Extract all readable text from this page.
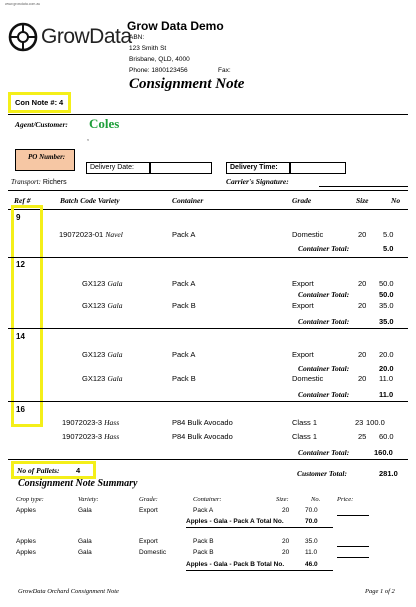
www.growdata.com.au
GrowData
Grow Data Demo
ABN:
123 Smith St
Brisbane, QLD, 4000
Phone: 1800123456	Fax:
Consignment Note
Con Note #: 4
Agent/Customer: Coles
,
PO Number:
Delivery Date:	Delivery Time:
Transport: Richers	Carrier's Signature:
Ref #	Batch Code Variety	Container	Grade	Size	No
9
19072023-01 Navel	Pack A	Domestic	20 5.0
Container Total:	5.0
12
GX123 Gala	Pack A	Export	20 50.0
Container Total:	50.0
GX123 Gala	Pack B	Export	20 35.0
Container Total:	35.0
14
GX123 Gala	Pack A	Export	20 20.0
Container Total:	20.0
GX123 Gala	Pack B	Domestic	20 11.0
Container Total:	11.0
16
19072023-3 Hass	P84 Bulk Avocado	Class 1	23 100.0
19072023-3 Hass	P84 Bulk Avocado	Class 1	25 60.0
Container Total:	160.0
No of Pallets: 4	Customer Total:	281.0
Consignment Note Summary
Crop type:	Variety:	Grade:	Container:	Size:	No.	Price:
Apples	Gala	Export	Pack A	20 70.0
Apples - Gala - Pack A Total No.	70.0
Apples	Gala	Export	Pack B	20 35.0
Apples	Gala	Domestic	Pack B	20 11.0
Apples - Gala - Pack B Total No.	46.0
GrowData Orchard Consignment Note	Page 1 of 2
